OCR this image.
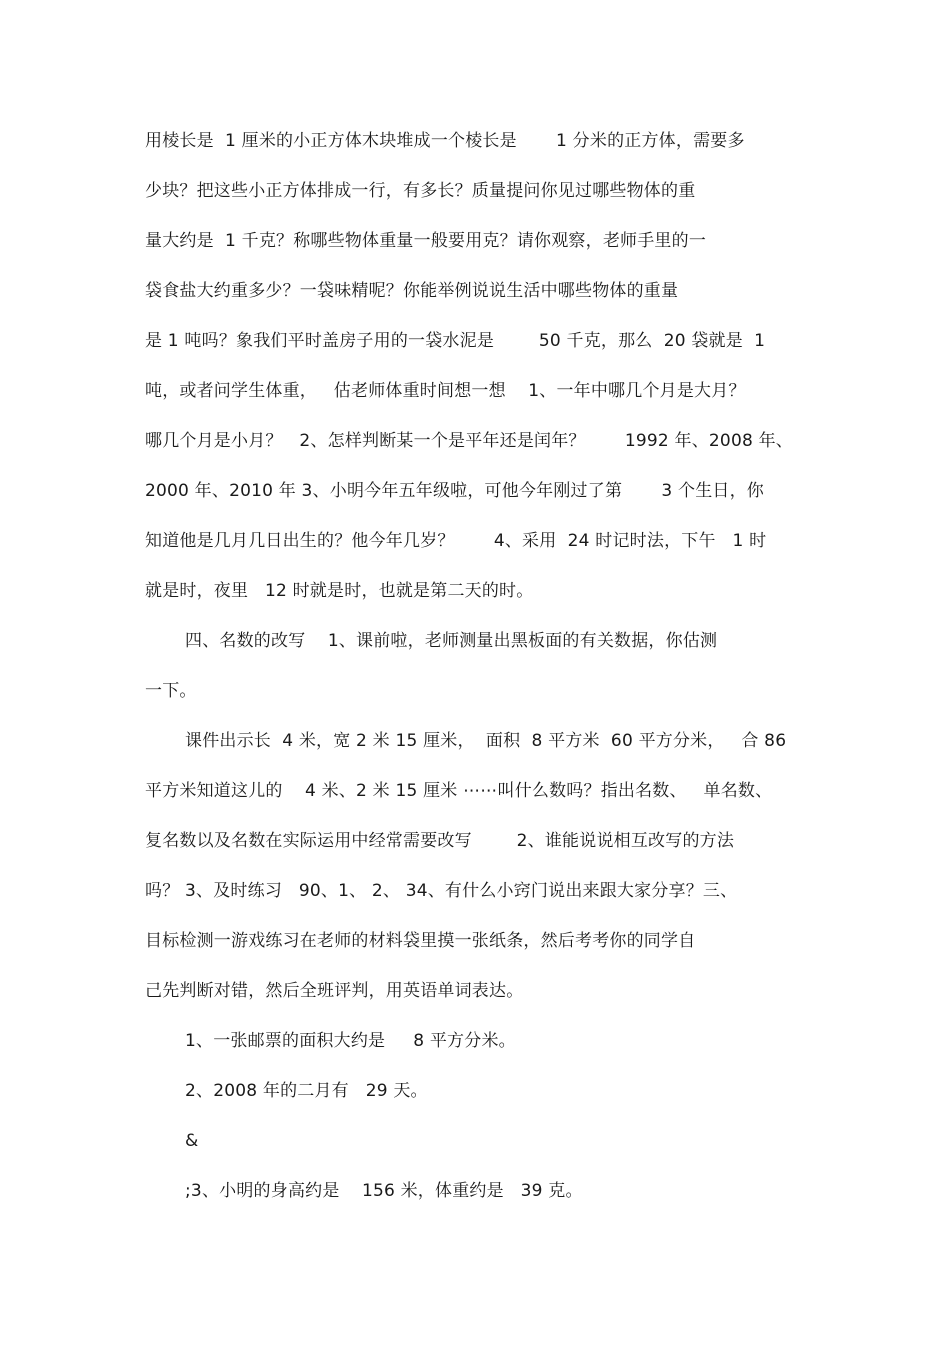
用棱长是  1 厘米的小正方体木块堆成一个棱长是       1 分米的正方体，需要多
少块？把这些小正方体排成一行，有多长？质量提问你见过哪些物体的重
量大约是  1 千克？称哪些物体重量一般要用克？请你观察，老师手里的一
袋食盐大约重多少？一袋味精呢？你能举例说说生活中哪些物体的重量
是 1 吨吗？象我们平时盖房子用的一袋水泥是        50 千克，那么  20 袋就是  1
吨，或者问学生体重，   估老师体重时间想一想    1、一年中哪几个月是大月？
哪几个月是小月？   2、怎样判断某一个是平年还是闰年？       1992 年、2008 年、
2000 年、2010 年 3、小明今年五年级啦，可他今年刚过了第       3 个生日，你
知道他是几月几日出生的？他今年几岁？       4、采用  24 时记时法，下午   1 时
就是时，夜里   12 时就是时，也就是第二天的时。
四、名数的改写    1、课前啦，老师测量出黑板面的有关数据，你估测
一下。
课件出示长  4 米，宽 2 米 15 厘米，  面积  8 平方米  60 平方分米，   合 86
平方米知道这儿的    4 米、2 米 15 厘米 ⋯⋯叫什么数吗？指出名数、   单名数、
复名数以及名数在实际运用中经常需要改写        2、谁能说说相互改写的方法
吗？ 3、及时练习   90、1、 2、 34、有什么小窍门说出来跟大家分享？三、
目标检测一游戏练习在老师的材料袋里摸一张纸条，然后考考你的同学自
己先判断对错，然后全班评判，用英语单词表达。
1、一张邮票的面积大约是     8 平方分米。
2、2008 年的二月有   29 天。
&
;3、小明的身高约是    156 米，体重约是   39 克。
